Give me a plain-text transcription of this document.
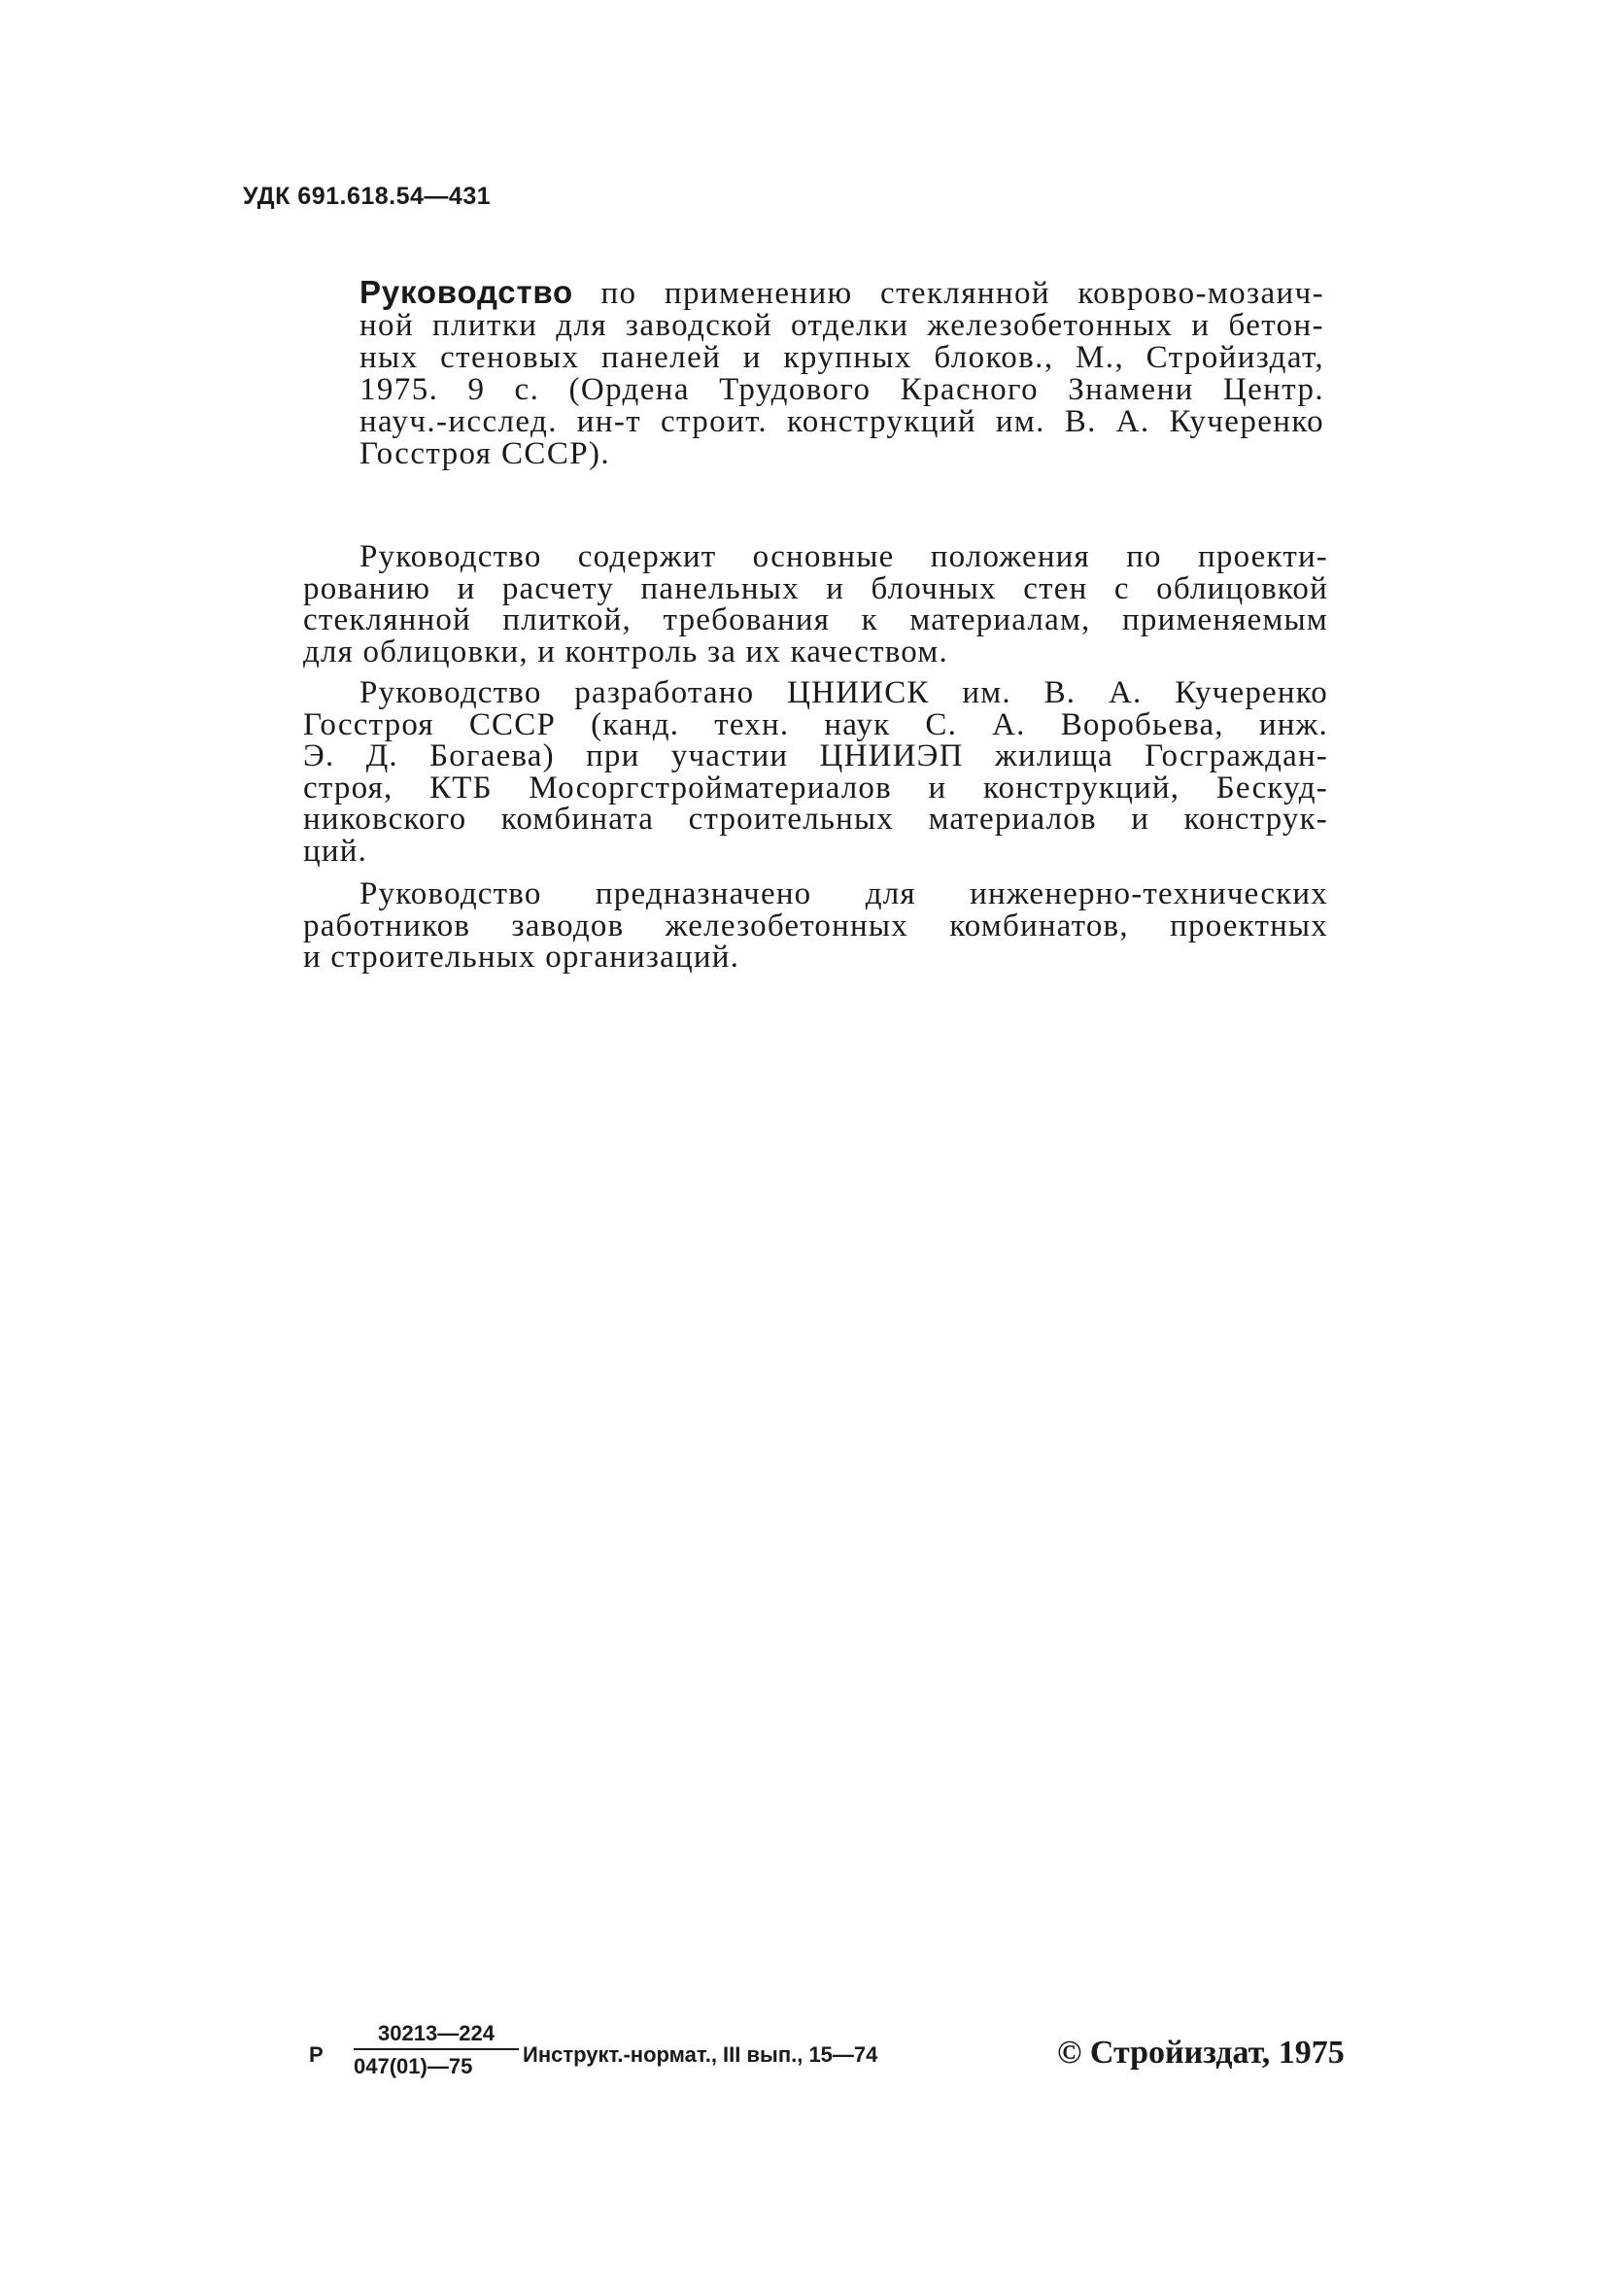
УДК 691.618.54—431
Руководство по применению стеклянной коврово-мозаич-
ной плитки для заводской отделки железобетонных и бетон-
ных стеновых панелей и крупных блоков., М., Стройиздат,
1975. 9 с. (Ордена Трудового Красного Знамени Центр.
науч.-исслед. ин-т строит. конструкций им. В. А. Кучеренко
Госстроя СССР).
Руководство содержит основные положения по проекти-
рованию и расчету панельных и блочных стен с облицовкой
стеклянной плиткой, требования к материалам, применяемым
для облицовки, и контроль за их качеством.
Руководство разработано ЦНИИСК им. В. А. Кучеренко
Госстроя СССР (канд. техн. наук С. А. Воробьева, инж.
Э. Д. Богаева) при участии ЦНИИЭП жилища Госграждан-
строя, КТБ Мосоргстройматериалов и конструкций, Бескуд-
никовского комбината строительных материалов и конструк-
ций.
Руководство предназначено для инженерно-технических
работников заводов железобетонных комбинатов, проектных
и строительных организаций.
Р $\frac{30213—224}{047(01)—75}$ Инструкт.-нормат., III вып., 15—74	© Стройиздат, 1975
